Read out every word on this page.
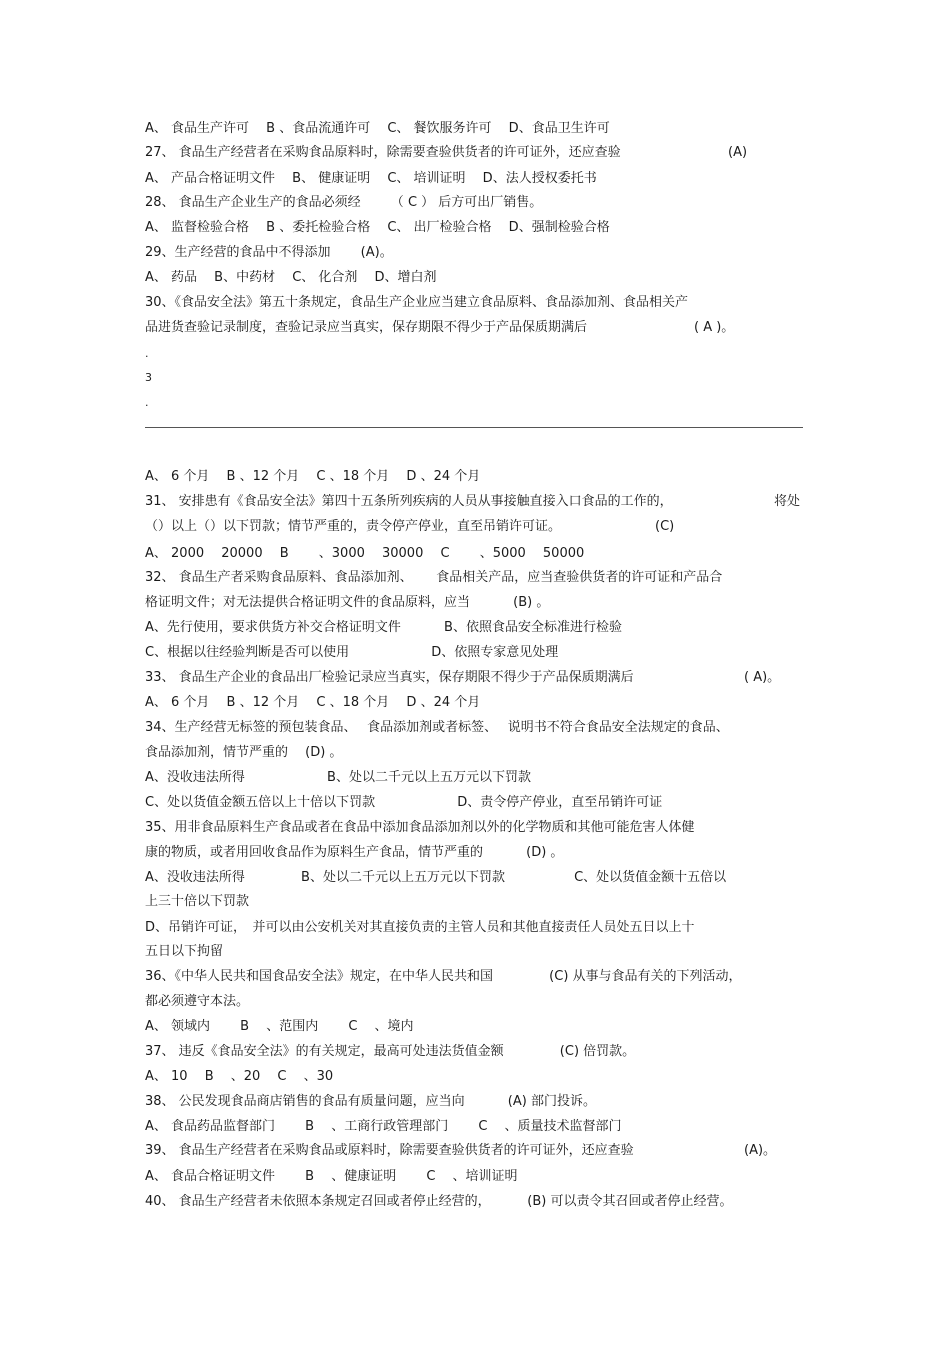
A、 食品生产许可　 B 、食品流通许可　 C、 餐饮服务许可　 D、食品卫生许可
27、 食品生产经营者在采购食品原料时，除需要查验供货者的许可证外，还应查验	(A)
A、 产品合格证明文件　 B、 健康证明　 C、 培训证明　 D、法人授权委托书
28、 食品生产企业生产的食品必须经　　 （ C ） 后方可出厂销售。
A、 监督检验合格　 B 、委托检验合格　 C、 出厂检验合格　 D、强制检验合格
29、生产经营的食品中不得添加　　 (A)。
A、 药品　 B、中药材　 C、 化合剂　 D、增白剂
30、《食品安全法》第五十条规定，食品生产企业应当建立食品原料、食品添加剂、食品相关产
品进货查验记录制度，查验记录应当真实，保存期限不得少于产品保质期满后	( A )。
.
3
.
A、 6 个月　 B 、12 个月　 C 、18 个月　 D 、24 个月
31、 安排患有《食品安全法》第四十五条所列疾病的人员从事接触直接入口食品的工作的，	将处
（）以上（）以下罚款；情节严重的，责令停产停业，直至吊销许可证。	(C)
A、 2000　 20000　 B　　 、3000　 30000　 C　　 、5000　 50000
32、 食品生产者采购食品原料、食品添加剂、　　 食品相关产品，应当查验供货者的许可证和产品合
格证明文件；对无法提供合格证明文件的食品原料，应当　　　 (B) 。
A、先行使用，要求供货方补交合格证明文件　　　 B、依照食品安全标准进行检验
C、根据以往经验判断是否可以使用　　　　　　 D、依照专家意见处理
33、 食品生产企业的食品出厂检验记录应当真实，保存期限不得少于产品保质期满后	( A)。
A、 6 个月　 B 、12 个月　 C 、18 个月　 D 、24 个月
34、生产经营无标签的预包装食品、　 食品添加剂或者标签、　 说明书不符合食品安全法规定的食品、
食品添加剂，情节严重的　 (D) 。
A、没收违法所得　　　　　　 B、处以二千元以上五万元以下罚款
C、处以货值金额五倍以上十倍以下罚款　　　　　　 D、责令停产停业，直至吊销许可证
35、用非食品原料生产食品或者在食品中添加食品添加剂以外的化学物质和其他可能危害人体健
康的物质，或者用回收食品作为原料生产食品，情节严重的　　　 (D) 。
A、没收违法所得　　　　 B、处以二千元以上五万元以下罚款　　　　　 C、处以货值金额十五倍以
上三十倍以下罚款
D、吊销许可证，　并可以由公安机关对其直接负责的主管人员和其他直接责任人员处五日以上十
五日以下拘留
36、《中华人民共和国食品安全法》规定，在中华人民共和国　　　　 (C) 从事与食品有关的下列活动，
都必须遵守本法。
A、 领域内　　 B　 、范围内　　 C　 、境内
37、 违反《食品安全法》的有关规定，最高可处违法货值金额　　　　 (C) 倍罚款。
A、 10　 B　 、20　 C　 、30
38、 公民发现食品商店销售的食品有质量问题，应当向　　　 (A) 部门投诉。
A、 食品药品监督部门　　 B　 、工商行政管理部门　　 C　 、质量技术监督部门
39、 食品生产经营者在采购食品或原料时，除需要查验供货者的许可证外，还应查验	(A)。
A、 食品合格证明文件　　 B　 、健康证明　　 C　 、培训证明
40、 食品生产经营者未依照本条规定召回或者停止经营的，　　　 (B) 可以责令其召回或者停止经营。
